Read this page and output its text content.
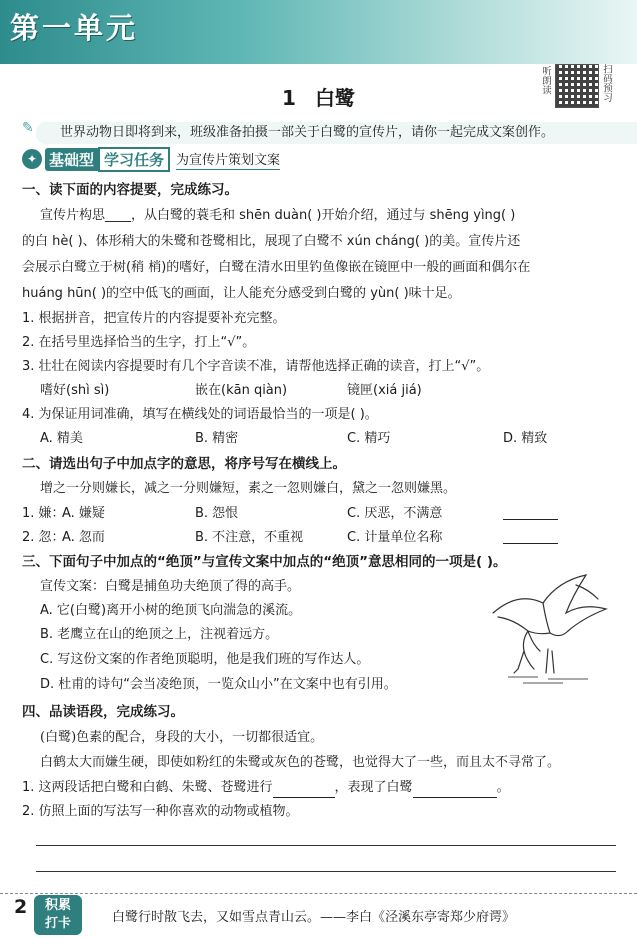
第一单元
1 白鹭
听朗读	扫码预习
✎	世界动物日即将到来，班级准备拍摄一部关于白鹭的宣传片，请你一起完成文案创作。
✦ 基础型 学习任务 为宣传片策划文案
一、读下面的内容提要，完成练习。
宣传片构思____，从白鹭的蓑毛和 shēn duàn( )开始介绍，通过与 shēng yìng( )
的白 hè( )、体形稍大的朱鹭和苍鹭相比，展现了白鹭不 xún cháng( )的美。宣传片还
会展示白鹭立于树(稍 梢)的嗜好，白鹭在清水田里钓鱼像嵌在镜匣中一般的画面和偶尔在
huáng hūn( )的空中低飞的画面，让人能充分感受到白鹭的 yùn( )味十足。
1. 根据拼音，把宣传片的内容提要补充完整。
2. 在括号里选择恰当的生字，打上“√”。
3. 壮壮在阅读内容提要时有几个字音读不准，请帮他选择正确的读音，打上“√”。
嗜好(shì sì)	嵌在(kān qiàn)	镜匣(xiá jiá)
4. 为保证用词准确，填写在横线处的词语最恰当的一项是( )。
A. 精美	B. 精密	C. 精巧	D. 精致
二、请选出句子中加点字的意思，将序号写在横线上。
增之一分则嫌长，减之一分则嫌短，素之一忽则嫌白，黛之一忽则嫌黑。
1. 嫌：
A. 嫌疑	B. 怨恨	C. 厌恶，不满意
2. 忽：
A. 忽而	B. 不注意，不重视	C. 计量单位名称
三、下面句子中加点的“绝顶”与宣传文案中加点的“绝顶”意思相同的一项是( )。
宣传文案：白鹭是捕鱼功夫绝顶了得的高手。
A. 它(白鹭)离开小树的绝顶飞向湍急的溪流。
B. 老鹰立在山的绝顶之上，注视着远方。
C. 写这份文案的作者绝顶聪明，他是我们班的写作达人。
D. 杜甫的诗句“会当凌绝顶，一览众山小”在文案中也有引用。
四、品读语段，完成练习。
(白鹭)色素的配合，身段的大小，一切都很适宜。
白鹤太大而嫌生硬，即使如粉红的朱鹭或灰色的苍鹭，也觉得大了一些，而且太不寻常了。
1. 这两段话把白鹭和白鹤、朱鹭、苍鹭进行	，表现了白鹭	。
2. 仿照上面的写法写一种你喜欢的动物或植物。
2	积累
打卡	白鹭行时散飞去，又如雪点青山云。——李白《泾溪东亭寄郑少府谔》
